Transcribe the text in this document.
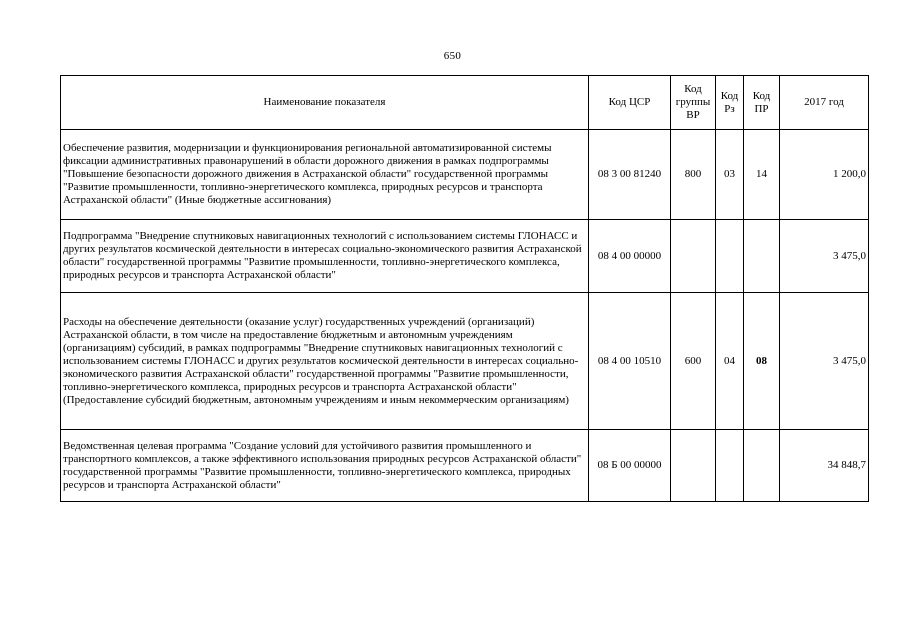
650
Наименование показателя	Код ЦСР	Код группы ВР	Код Рз	Код ПР	2017 год
Обеспечение развития, модернизации и функционирования региональной автоматизированной системы фиксации административных правонарушений в области дорожного движения в рамках подпрограммы "Повышение безопасности дорожного движения в Астраханской области" государственной программы "Развитие промышленности, топливно-энергетического комплекса, природных ресурсов и транспорта Астраханской области" (Иные бюджетные ассигнования)	08 3 00 81240	800	03	14	1 200,0
Подпрограмма "Внедрение спутниковых навигационных технологий с использованием системы ГЛОНАСС и других результатов космической деятельности в интересах социально-экономического развития Астраханской области" государственной программы "Развитие промышленности, топливно-энергетического комплекса, природных ресурсов и транспорта Астраханской области"	08 4 00 00000				3 475,0
Расходы на обеспечение деятельности (оказание услуг) государственных учреждений (организаций) Астраханской области, в том числе на предоставление бюджетным и автономным учреждениям (организациям) субсидий, в рамках подпрограммы "Внедрение спутниковых навигационных технологий с использованием системы ГЛОНАСС и других результатов космической деятельности в интересах социально-экономического развития Астраханской области" государственной программы "Развитие промышленности, топливно-энергетического комплекса, природных ресурсов и транспорта Астраханской области" (Предоставление субсидий бюджетным, автономным учреждениям и иным некоммерческим организациям)	08 4 00 10510	600	04	08	3 475,0
Ведомственная целевая программа "Создание условий для устойчивого развития промышленного и транспортного комплексов, а также эффективного использования природных ресурсов Астраханской области" государственной программы "Развитие промышленности, топливно-энергетического комплекса, природных ресурсов и транспорта Астраханской области"	08 Б 00 00000				34 848,7
